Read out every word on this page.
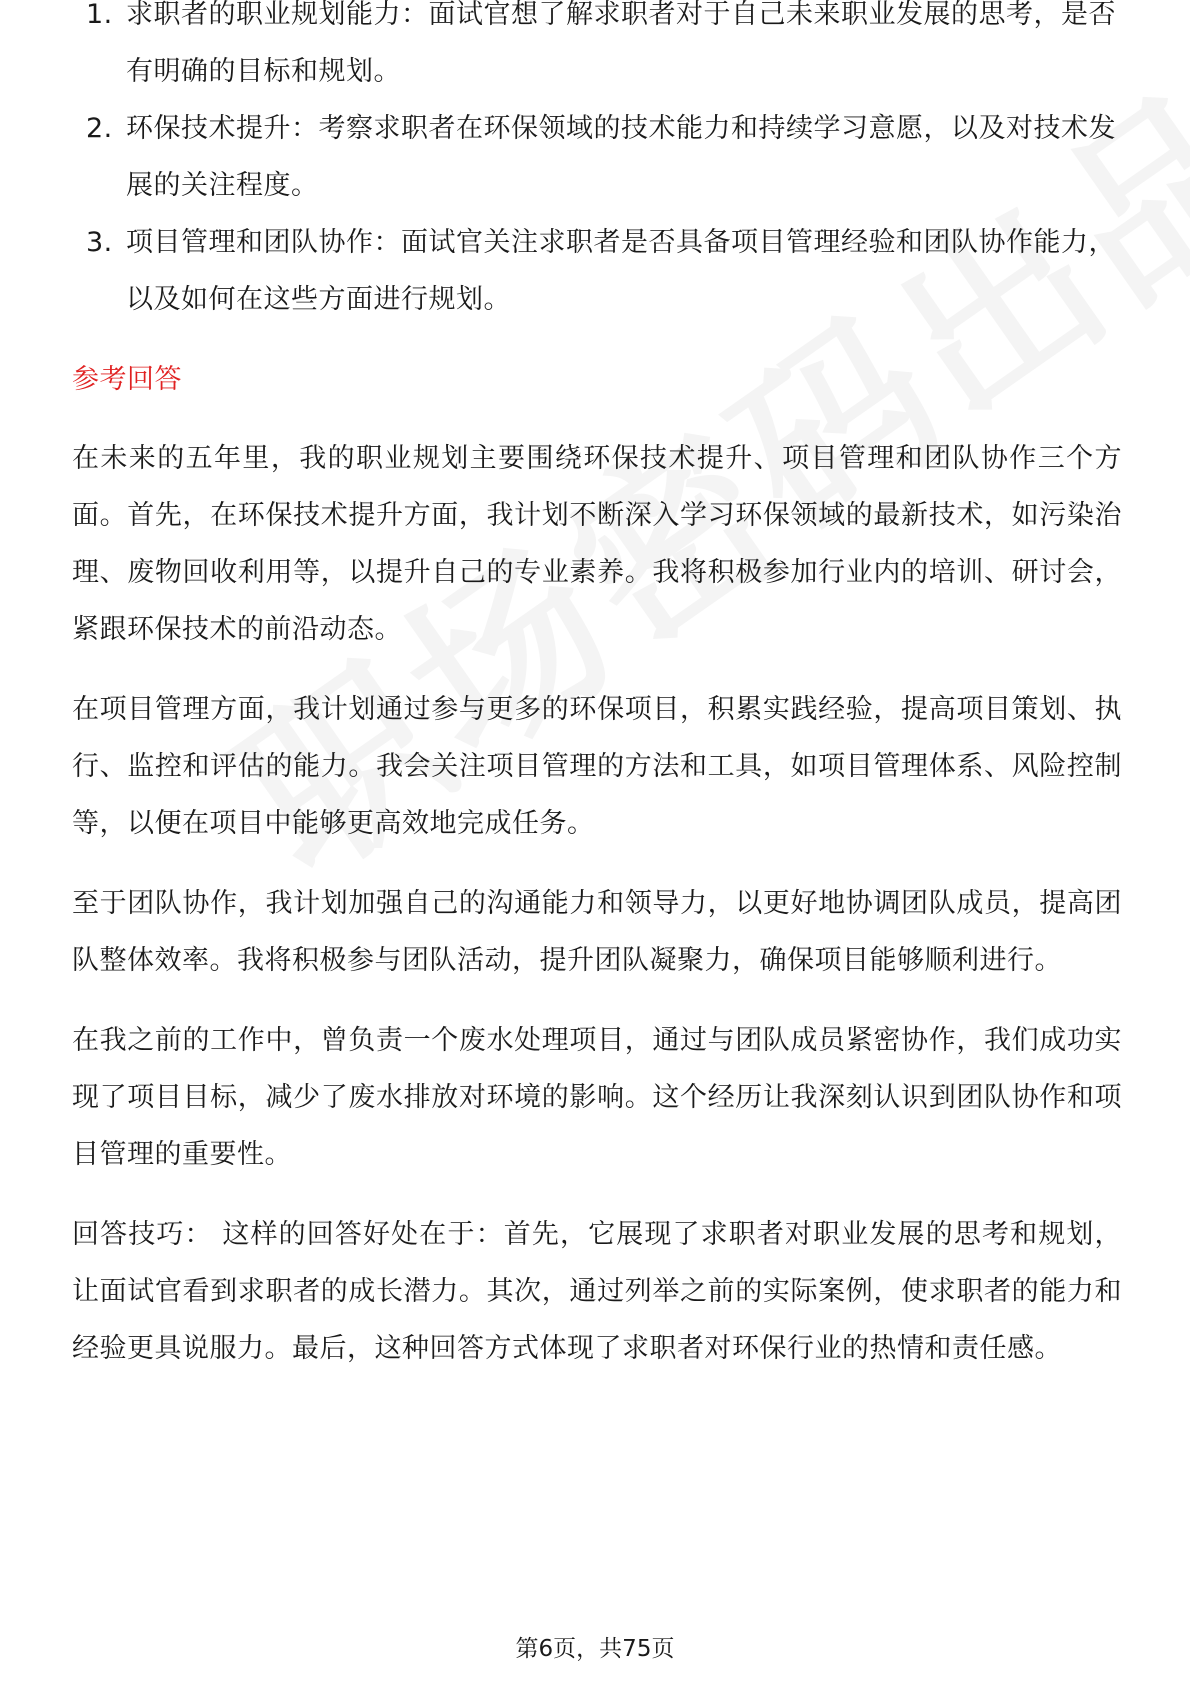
1. 求职者的职业规划能力：面试官想了解求职者对于自己未来职业发展的思考，是否有明确的目标和规划。
2. 环保技术提升：考察求职者在环保领域的技术能力和持续学习意愿，以及对技术发展的关注程度。
3. 项目管理和团队协作：面试官关注求职者是否具备项目管理经验和团队协作能力，以及如何在这些方面进行规划。
参考回答

在未来的五年里，我的职业规划主要围绕环保技术提升、项目管理和团队协作三个方面。首先，在环保技术提升方面，我计划不断深入学习环保领域的最新技术，如污染治理、废物回收利用等，以提升自己的专业素养。我将积极参加行业内的培训、研讨会，紧跟环保技术的前沿动态。

在项目管理方面，我计划通过参与更多的环保项目，积累实践经验，提高项目策划、执行、监控和评估的能力。我会关注项目管理的方法和工具，如项目管理体系、风险控制等，以便在项目中能够更高效地完成任务。

至于团队协作，我计划加强自己的沟通能力和领导力，以更好地协调团队成员，提高团队整体效率。我将积极参与团队活动，提升团队凝聚力，确保项目能够顺利进行。

在我之前的工作中，曾负责一个废水处理项目，通过与团队成员紧密协作，我们成功实现了项目目标，减少了废水排放对环境的影响。这个经历让我深刻认识到团队协作和项目管理的重要性。

回答技巧： 这样的回答好处在于：首先，它展现了求职者对职业发展的思考和规划，让面试官看到求职者的成长潜力。其次，通过列举之前的实际案例，使求职者的能力和经验更具说服力。最后，这种回答方式体现了求职者对环保行业的热情和责任感。

第6页，共75页
